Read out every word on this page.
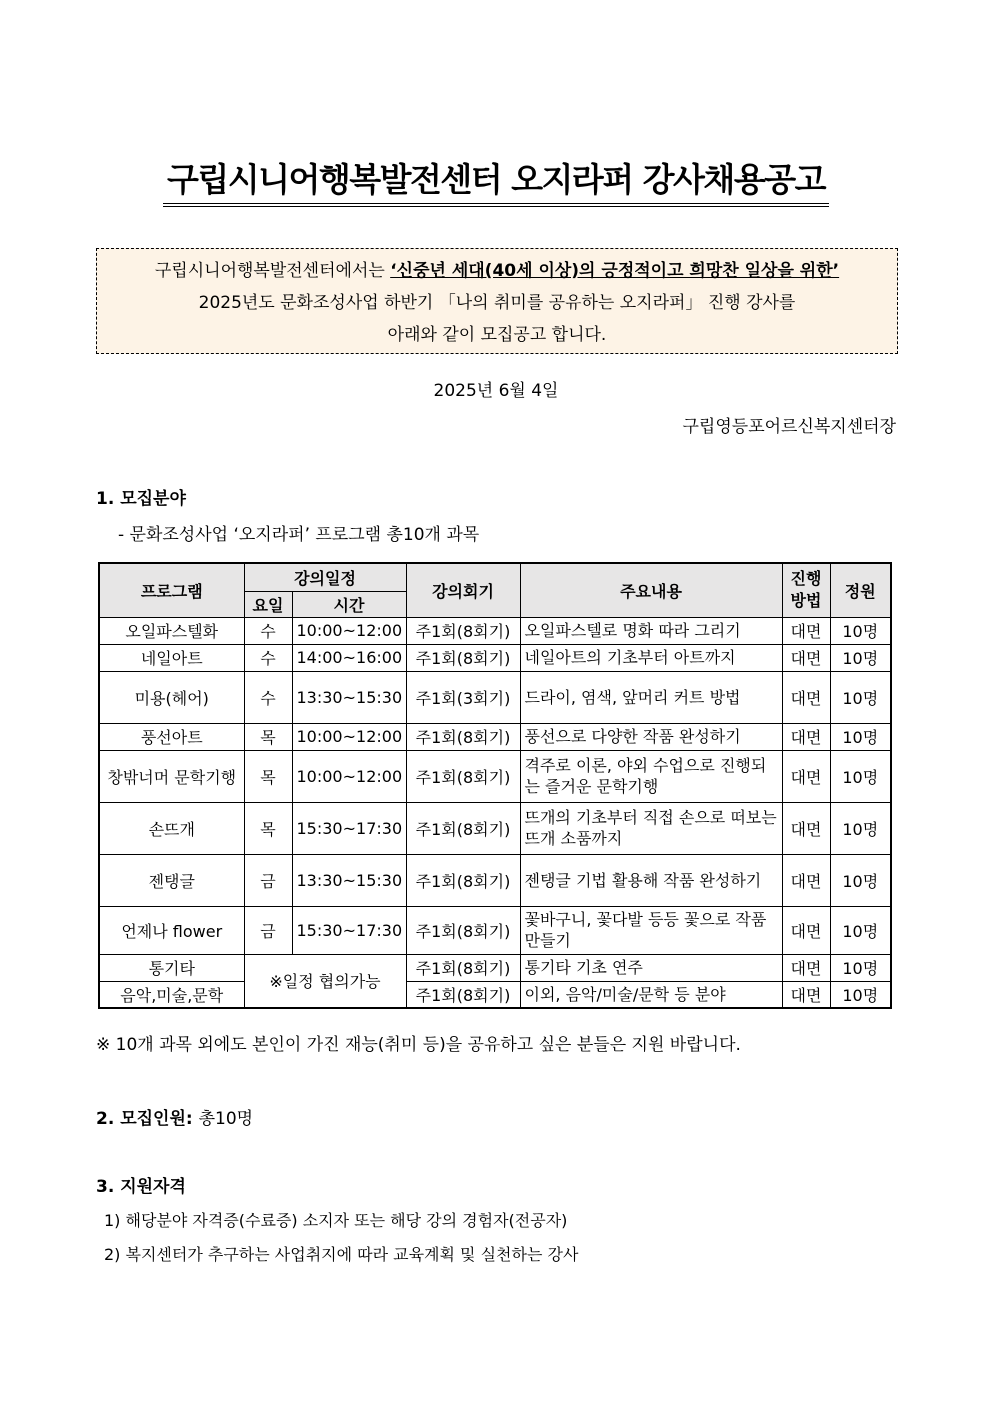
구립시니어행복발전센터 오지라퍼 강사채용공고
구립시니어행복발전센터에서는 ‘신중년 세대(40세 이상)의 긍정적이고 희망찬 일상을 위한’
2025년도 문화조성사업 하반기 「나의 취미를 공유하는 오지라퍼」 진행 강사를
아래와 같이 모집공고 합니다.
2025년 6월 4일
구립영등포어르신복지센터장
1. 모집분야
- 문화조성사업 ‘오지라퍼’ 프로그램 총10개 과목
프로그램	강의일정		강의회기	주요내용	진행 방법	정원
	요일	시간				
오일파스텔화	수	10:00~12:00	주1회(8회기)	오일파스텔로 명화 따라 그리기	대면	10명
네일아트	수	14:00~16:00	주1회(8회기)	네일아트의 기초부터 아트까지	대면	10명
미용(헤어)	수	13:30~15:30	주1회(3회기)	드라이, 염색, 앞머리 커트 방법	대면	10명
풍선아트	목	10:00~12:00	주1회(8회기)	풍선으로 다양한 작품 완성하기	대면	10명
창밖너머 문학기행	목	10:00~12:00	주1회(8회기)	격주로 이론, 야외 수업으로 진행되는 즐거운 문학기행	대면	10명
손뜨개	목	15:30~17:30	주1회(8회기)	뜨개의 기초부터 직접 손으로 떠보는 뜨개 소품까지	대면	10명
젠탱글	금	13:30~15:30	주1회(8회기)	젠탱글 기법 활용해 작품 완성하기	대면	10명
언제나 flower	금	15:30~17:30	주1회(8회기)	꽃바구니, 꽃다발 등등 꽃으로 작품 만들기	대면	10명
통기타	※일정 협의가능		주1회(8회기)	통기타 기초 연주	대면	10명
음악,미술,문학			주1회(8회기)	이외, 음악/미술/문학 등 분야	대면	10명
※ 10개 과목 외에도 본인이 가진 재능(취미 등)을 공유하고 싶은 분들은 지원 바랍니다.
2. 모집인원: 총10명
3. 지원자격
1) 해당분야 자격증(수료증) 소지자 또는 해당 강의 경험자(전공자)
2) 복지센터가 추구하는 사업취지에 따라 교육계획 및 실천하는 강사
